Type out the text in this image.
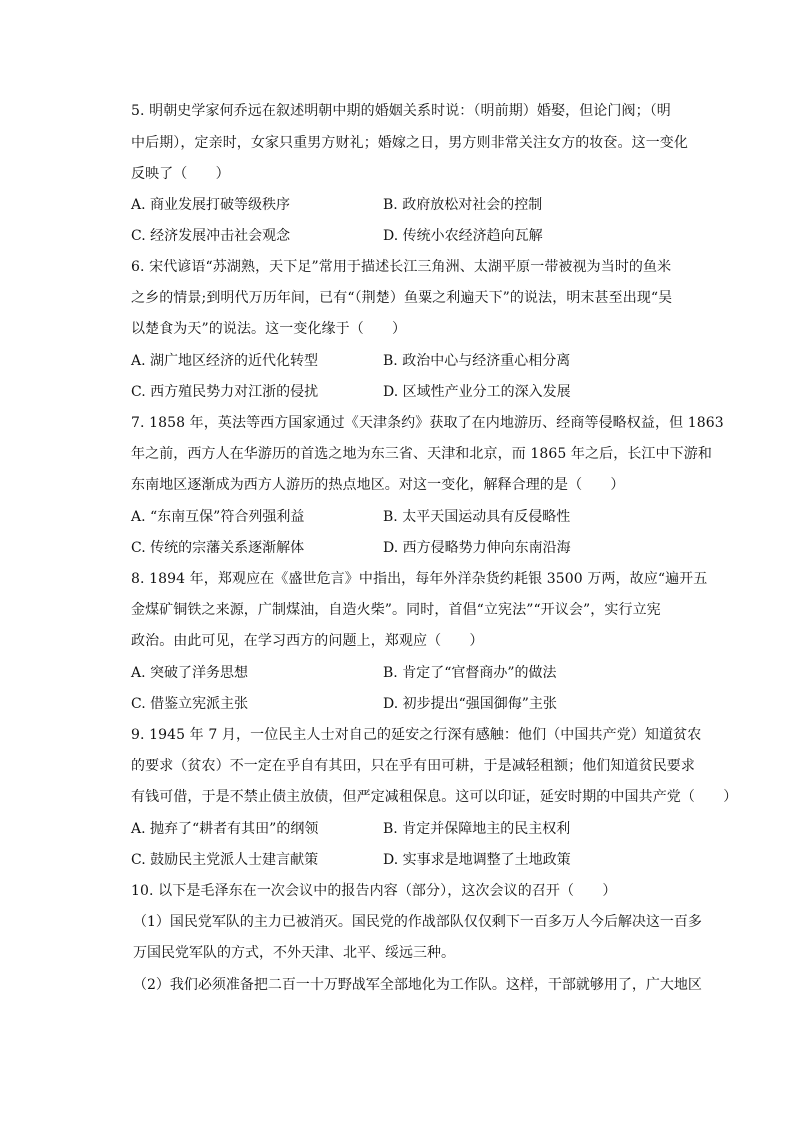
5. 明朝史学家何乔远在叙述明朝中期的婚姻关系时说：（明前期）婚娶，但论门阀；（明
中后期），定亲时，女家只重男方财礼；婚嫁之日，男方则非常关注女方的妆奁。这一变化
反映了（　　）
A. 商业发展打破等级秩序	B. 政府放松对社会的控制
C. 经济发展冲击社会观念	D. 传统小农经济趋向瓦解
6. 宋代谚语“苏湖熟，天下足”常用于描述长江三角洲、太湖平原一带被视为当时的鱼米
之乡的情景;到明代万历年间，已有“（荆楚）鱼粟之利遍天下”的说法，明末甚至出现“吴
以楚食为天”的说法。这一变化缘于（　　）
A. 湖广地区经济的近代化转型	B. 政治中心与经济重心相分离
C. 西方殖民势力对江浙的侵扰	D. 区域性产业分工的深入发展
7. 1858 年，英法等西方国家通过《天津条约》获取了在内地游历、经商等侵略权益，但 1863
年之前，西方人在华游历的首选之地为东三省、天津和北京，而 1865 年之后，长江中下游和
东南地区逐渐成为西方人游历的热点地区。对这一变化，解释合理的是（　　）
A. “东南互保”符合列强利益	B. 太平天国运动具有反侵略性
C. 传统的宗藩关系逐渐解体	D. 西方侵略势力伸向东南沿海
8. 1894 年，郑观应在《盛世危言》中指出，每年外洋杂货约耗银 3500 万两，故应“遍开五
金煤矿铜铁之来源，广制煤油，自造火柴”。同时，首倡“立宪法”“开议会”，实行立宪
政治。由此可见，在学习西方的问题上，郑观应（　　）
A. 突破了洋务思想	B. 肯定了“官督商办”的做法
C. 借鉴立宪派主张	D. 初步提出“强国御侮”主张
9. 1945 年 7 月，一位民主人士对自己的延安之行深有感触：他们（中国共产党）知道贫农
的要求（贫农）不一定在乎自有其田，只在乎有田可耕，于是减轻租额；他们知道贫民要求
有钱可借，于是不禁止债主放债，但严定减租保息。这可以印证，延安时期的中国共产党（　　）
A. 抛弃了“耕者有其田”的纲领	B. 肯定并保障地主的民主权利
C. 鼓励民主党派人士建言献策	D. 实事求是地调整了土地政策
10. 以下是毛泽东在一次会议中的报告内容（部分），这次会议的召开（　　）
（1）国民党军队的主力已被消灭。国民党的作战部队仅仅剩下一百多万人今后解决这一百多
万国民党军队的方式，不外天津、北平、绥远三种。
（2）我们必须准备把二百一十万野战军全部地化为工作队。这样，干部就够用了，广大地区
